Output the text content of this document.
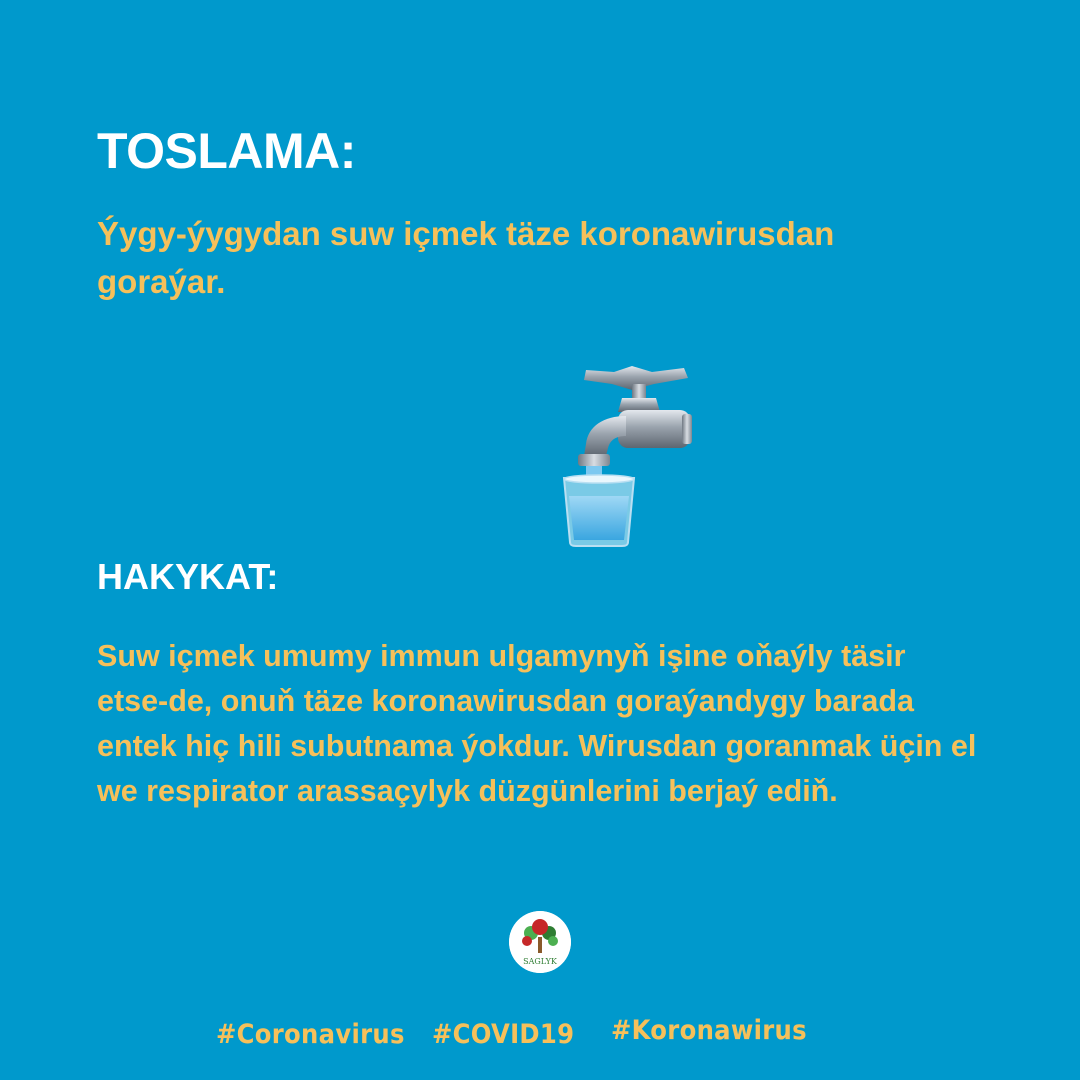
TOSLAMA:

Ýygy-ýygydan suw içmek täze koronawirusdan goraýar.

HAKYKAT:

Suw içmek umumy immun ulgamynyň işine oňaýly täsir etse-de, onuň täze koronawirusdan goraýandygy barada entek hiç hili subutnama ýokdur. Wirusdan goranmak üçin el we respirator arassaçylyk düzgünlerini berjaý ediň.

SAGLYK
#Coronavirus #COVID19 #Koronawirus
